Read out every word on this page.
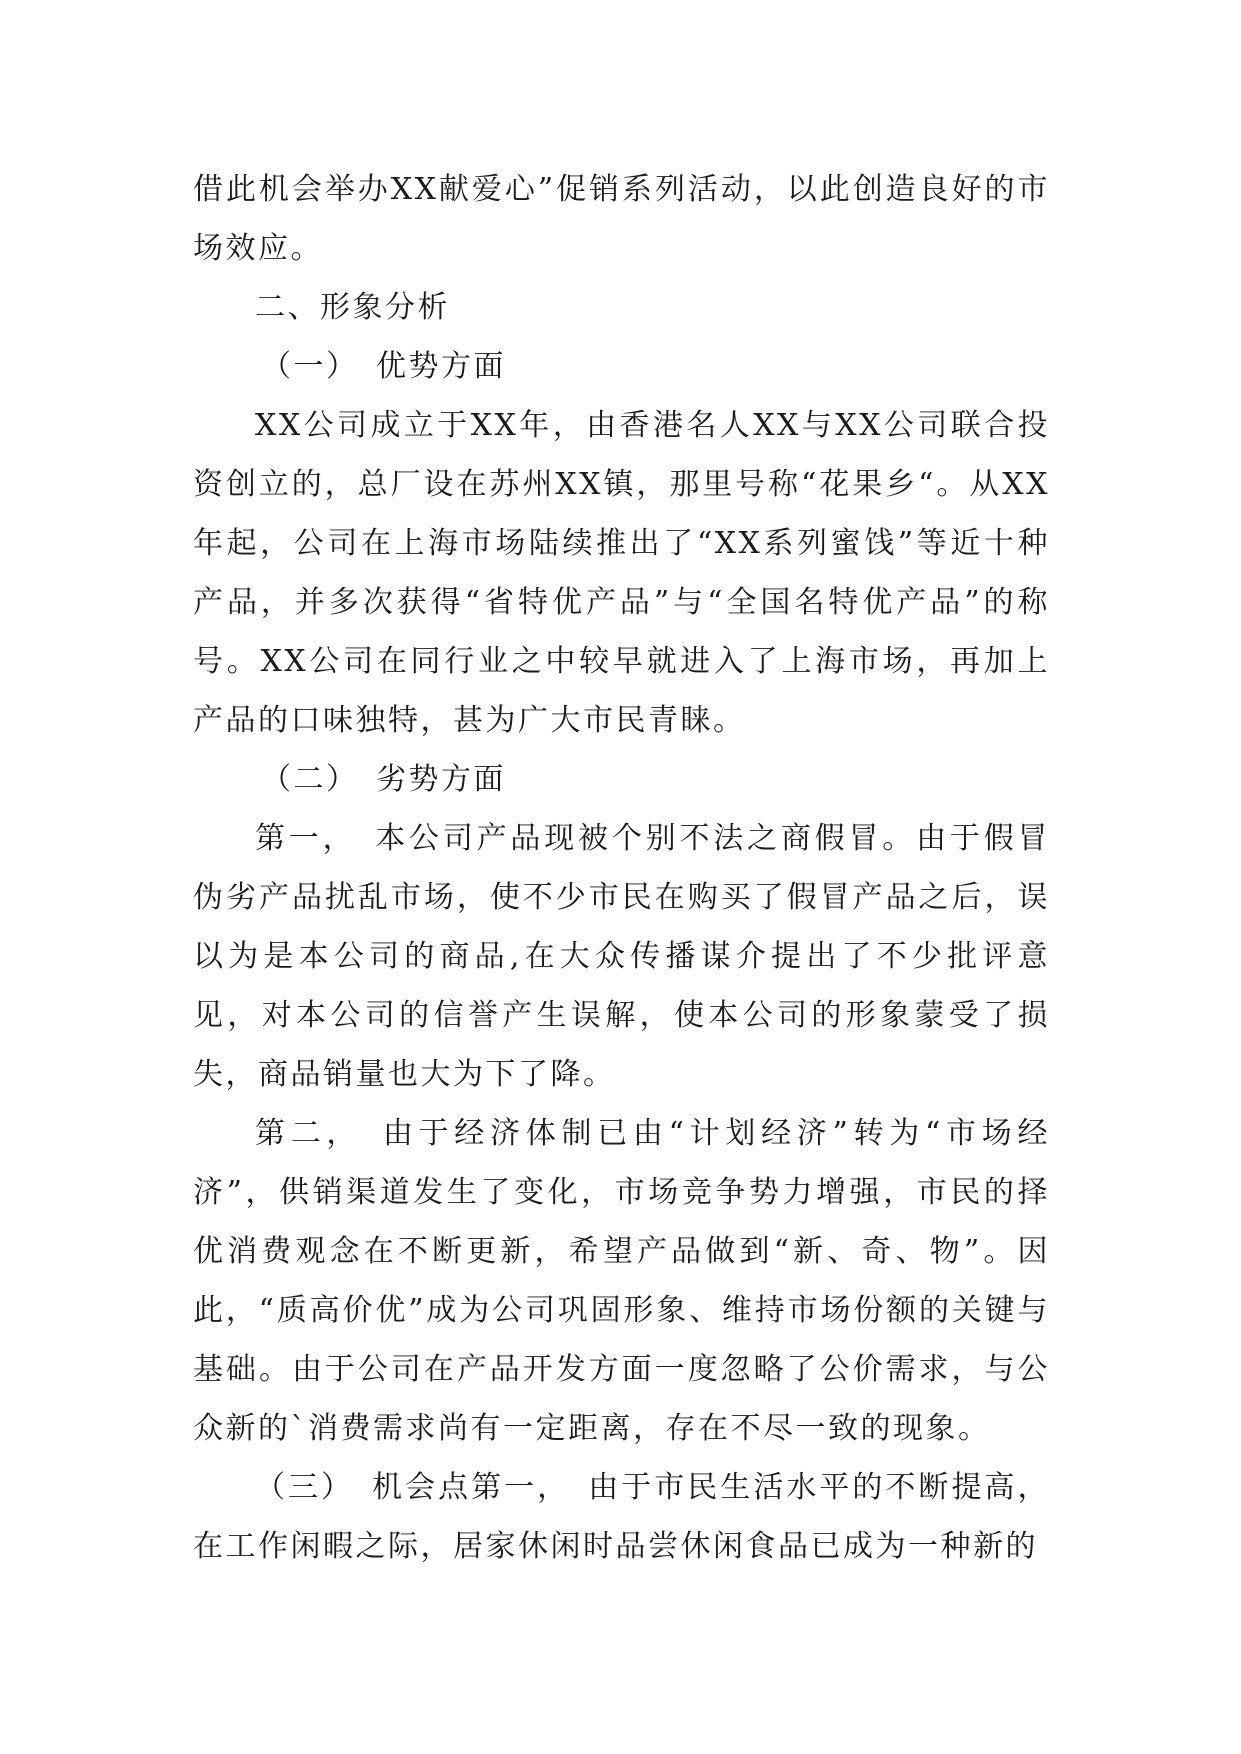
借此机会举办XX献爱心”促销系列活动，以此创造良好的市场效应。

二、形象分析

（一）　优势方面

XX公司成立于XX年，由香港名人XX与XX公司联合投资创立的，总厂设在苏州XX镇，那里号称“花果乡“。从XX年起，公司在上海市场陆续推出了“XX系列蜜饯”等近十种产品，并多次获得“省特优产品”与“全国名特优产品”的称号。XX公司在同行业之中较早就进入了上海市场，再加上产品的口味独特，甚为广大市民青睐。

（二）　劣势方面

第一，　本公司产品现被个别不法之商假冒。由于假冒伪劣产品扰乱市场，使不少市民在购买了假冒产品之后，误以为是本公司的商品,在大众传播谋介提出了不少批评意见，对本公司的信誉产生误解，使本公司的形象蒙受了损失，商品销量也大为下了降。

第二，　由于经济体制已由“计划经济”转为“市场经济”，供销渠道发生了变化，市场竞争势力增强，市民的择优消费观念在不断更新，希望产品做到“新、奇、物”。因此，“质高价优”成为公司巩固形象、维持市场份额的关键与基础。由于公司在产品开发方面一度忽略了公价需求，与公众新的`消费需求尚有一定距离，存在不尽一致的现象。

（三）　机会点第一，　由于市民生活水平的不断提高，在工作闲暇之际，居家休闲时品尝休闲食品已成为一种新的
